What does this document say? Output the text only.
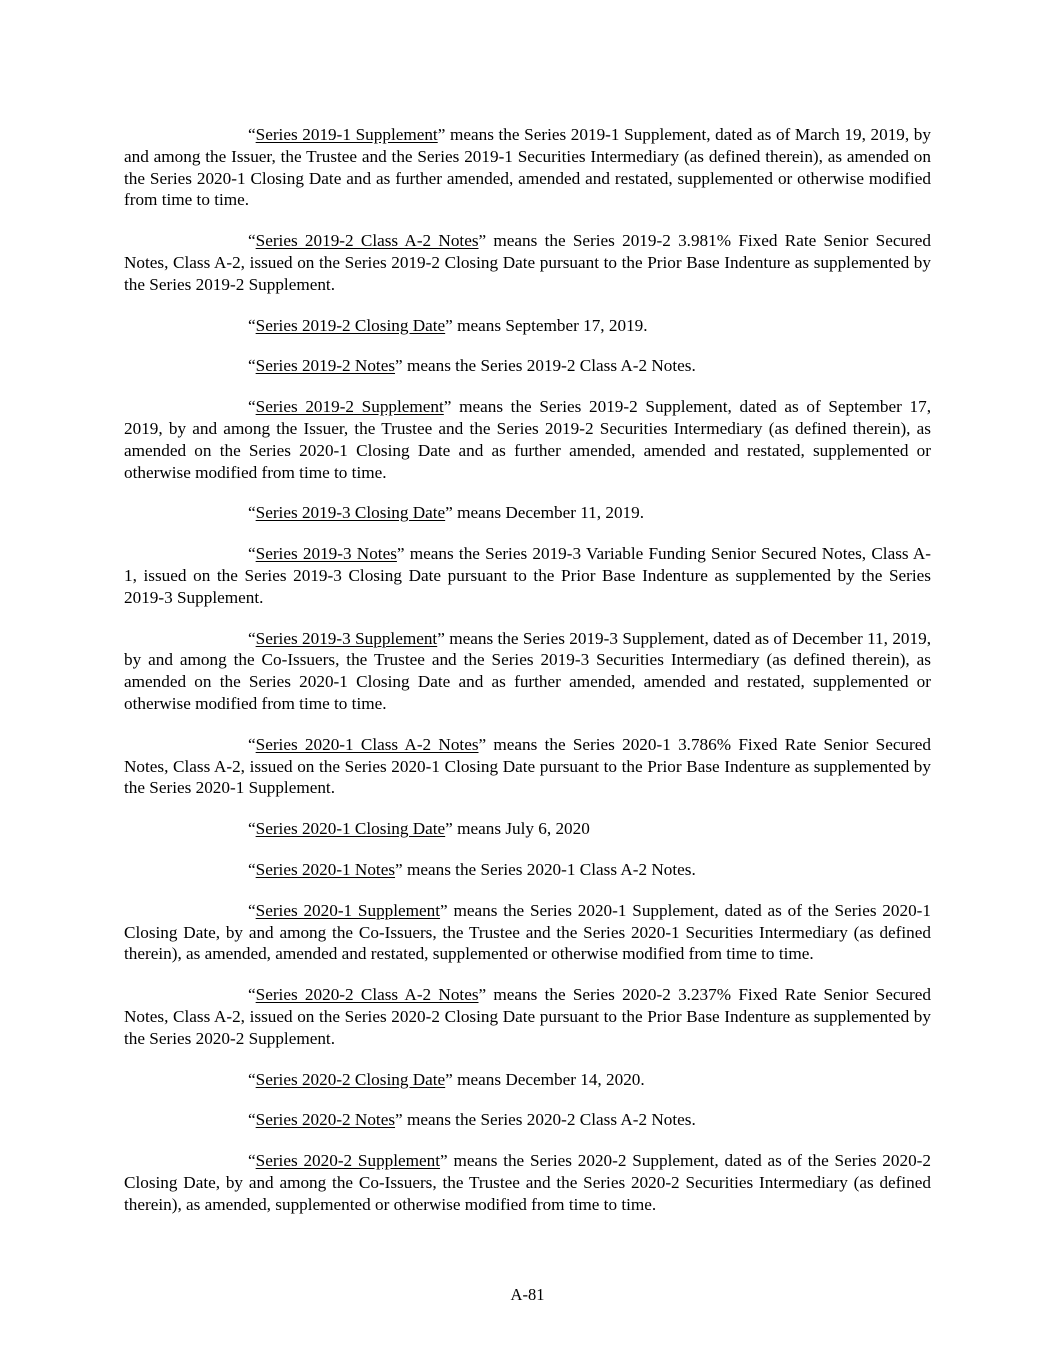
“Series 2019-1 Supplement” means the Series 2019-1 Supplement, dated as of March 19, 2019, by and among the Issuer, the Trustee and the Series 2019-1 Securities Intermediary (as defined therein), as amended on the Series 2020-1 Closing Date and as further amended, amended and restated, supplemented or otherwise modified from time to time.

“Series 2019-2 Class A-2 Notes” means the Series 2019-2 3.981% Fixed Rate Senior Secured Notes, Class A-2, issued on the Series 2019-2 Closing Date pursuant to the Prior Base Indenture as supplemented by the Series 2019-2 Supplement.

“Series 2019-2 Closing Date” means September 17, 2019.

“Series 2019-2 Notes” means the Series 2019-2 Class A-2 Notes.

“Series 2019-2 Supplement” means the Series 2019-2 Supplement, dated as of September 17, 2019, by and among the Issuer, the Trustee and the Series 2019-2 Securities Intermediary (as defined therein), as amended on the Series 2020-1 Closing Date and as further amended, amended and restated, supplemented or otherwise modified from time to time.

“Series 2019-3 Closing Date” means December 11, 2019.

“Series 2019-3 Notes” means the Series 2019-3 Variable Funding Senior Secured Notes, Class A-1, issued on the Series 2019-3 Closing Date pursuant to the Prior Base Indenture as supplemented by the Series 2019-3 Supplement.

“Series 2019-3 Supplement” means the Series 2019-3 Supplement, dated as of December 11, 2019, by and among the Co-Issuers, the Trustee and the Series 2019-3 Securities Intermediary (as defined therein), as amended on the Series 2020-1 Closing Date and as further amended, amended and restated, supplemented or otherwise modified from time to time.

“Series 2020-1 Class A-2 Notes” means the Series 2020-1 3.786% Fixed Rate Senior Secured Notes, Class A-2, issued on the Series 2020-1 Closing Date pursuant to the Prior Base Indenture as supplemented by the Series 2020-1 Supplement.

“Series 2020-1 Closing Date” means July 6, 2020

“Series 2020-1 Notes” means the Series 2020-1 Class A-2 Notes.

“Series 2020-1 Supplement” means the Series 2020-1 Supplement, dated as of the Series 2020-1 Closing Date, by and among the Co-Issuers, the Trustee and the Series 2020-1 Securities Intermediary (as defined therein), as amended, amended and restated, supplemented or otherwise modified from time to time.

“Series 2020-2 Class A-2 Notes” means the Series 2020-2 3.237% Fixed Rate Senior Secured Notes, Class A-2, issued on the Series 2020-2 Closing Date pursuant to the Prior Base Indenture as supplemented by the Series 2020-2 Supplement.

“Series 2020-2 Closing Date” means December 14, 2020.

“Series 2020-2 Notes” means the Series 2020-2 Class A-2 Notes.

“Series 2020-2 Supplement” means the Series 2020-2 Supplement, dated as of the Series 2020-2 Closing Date, by and among the Co-Issuers, the Trustee and the Series 2020-2 Securities Intermediary (as defined therein), as amended, supplemented or otherwise modified from time to time.

A-81
